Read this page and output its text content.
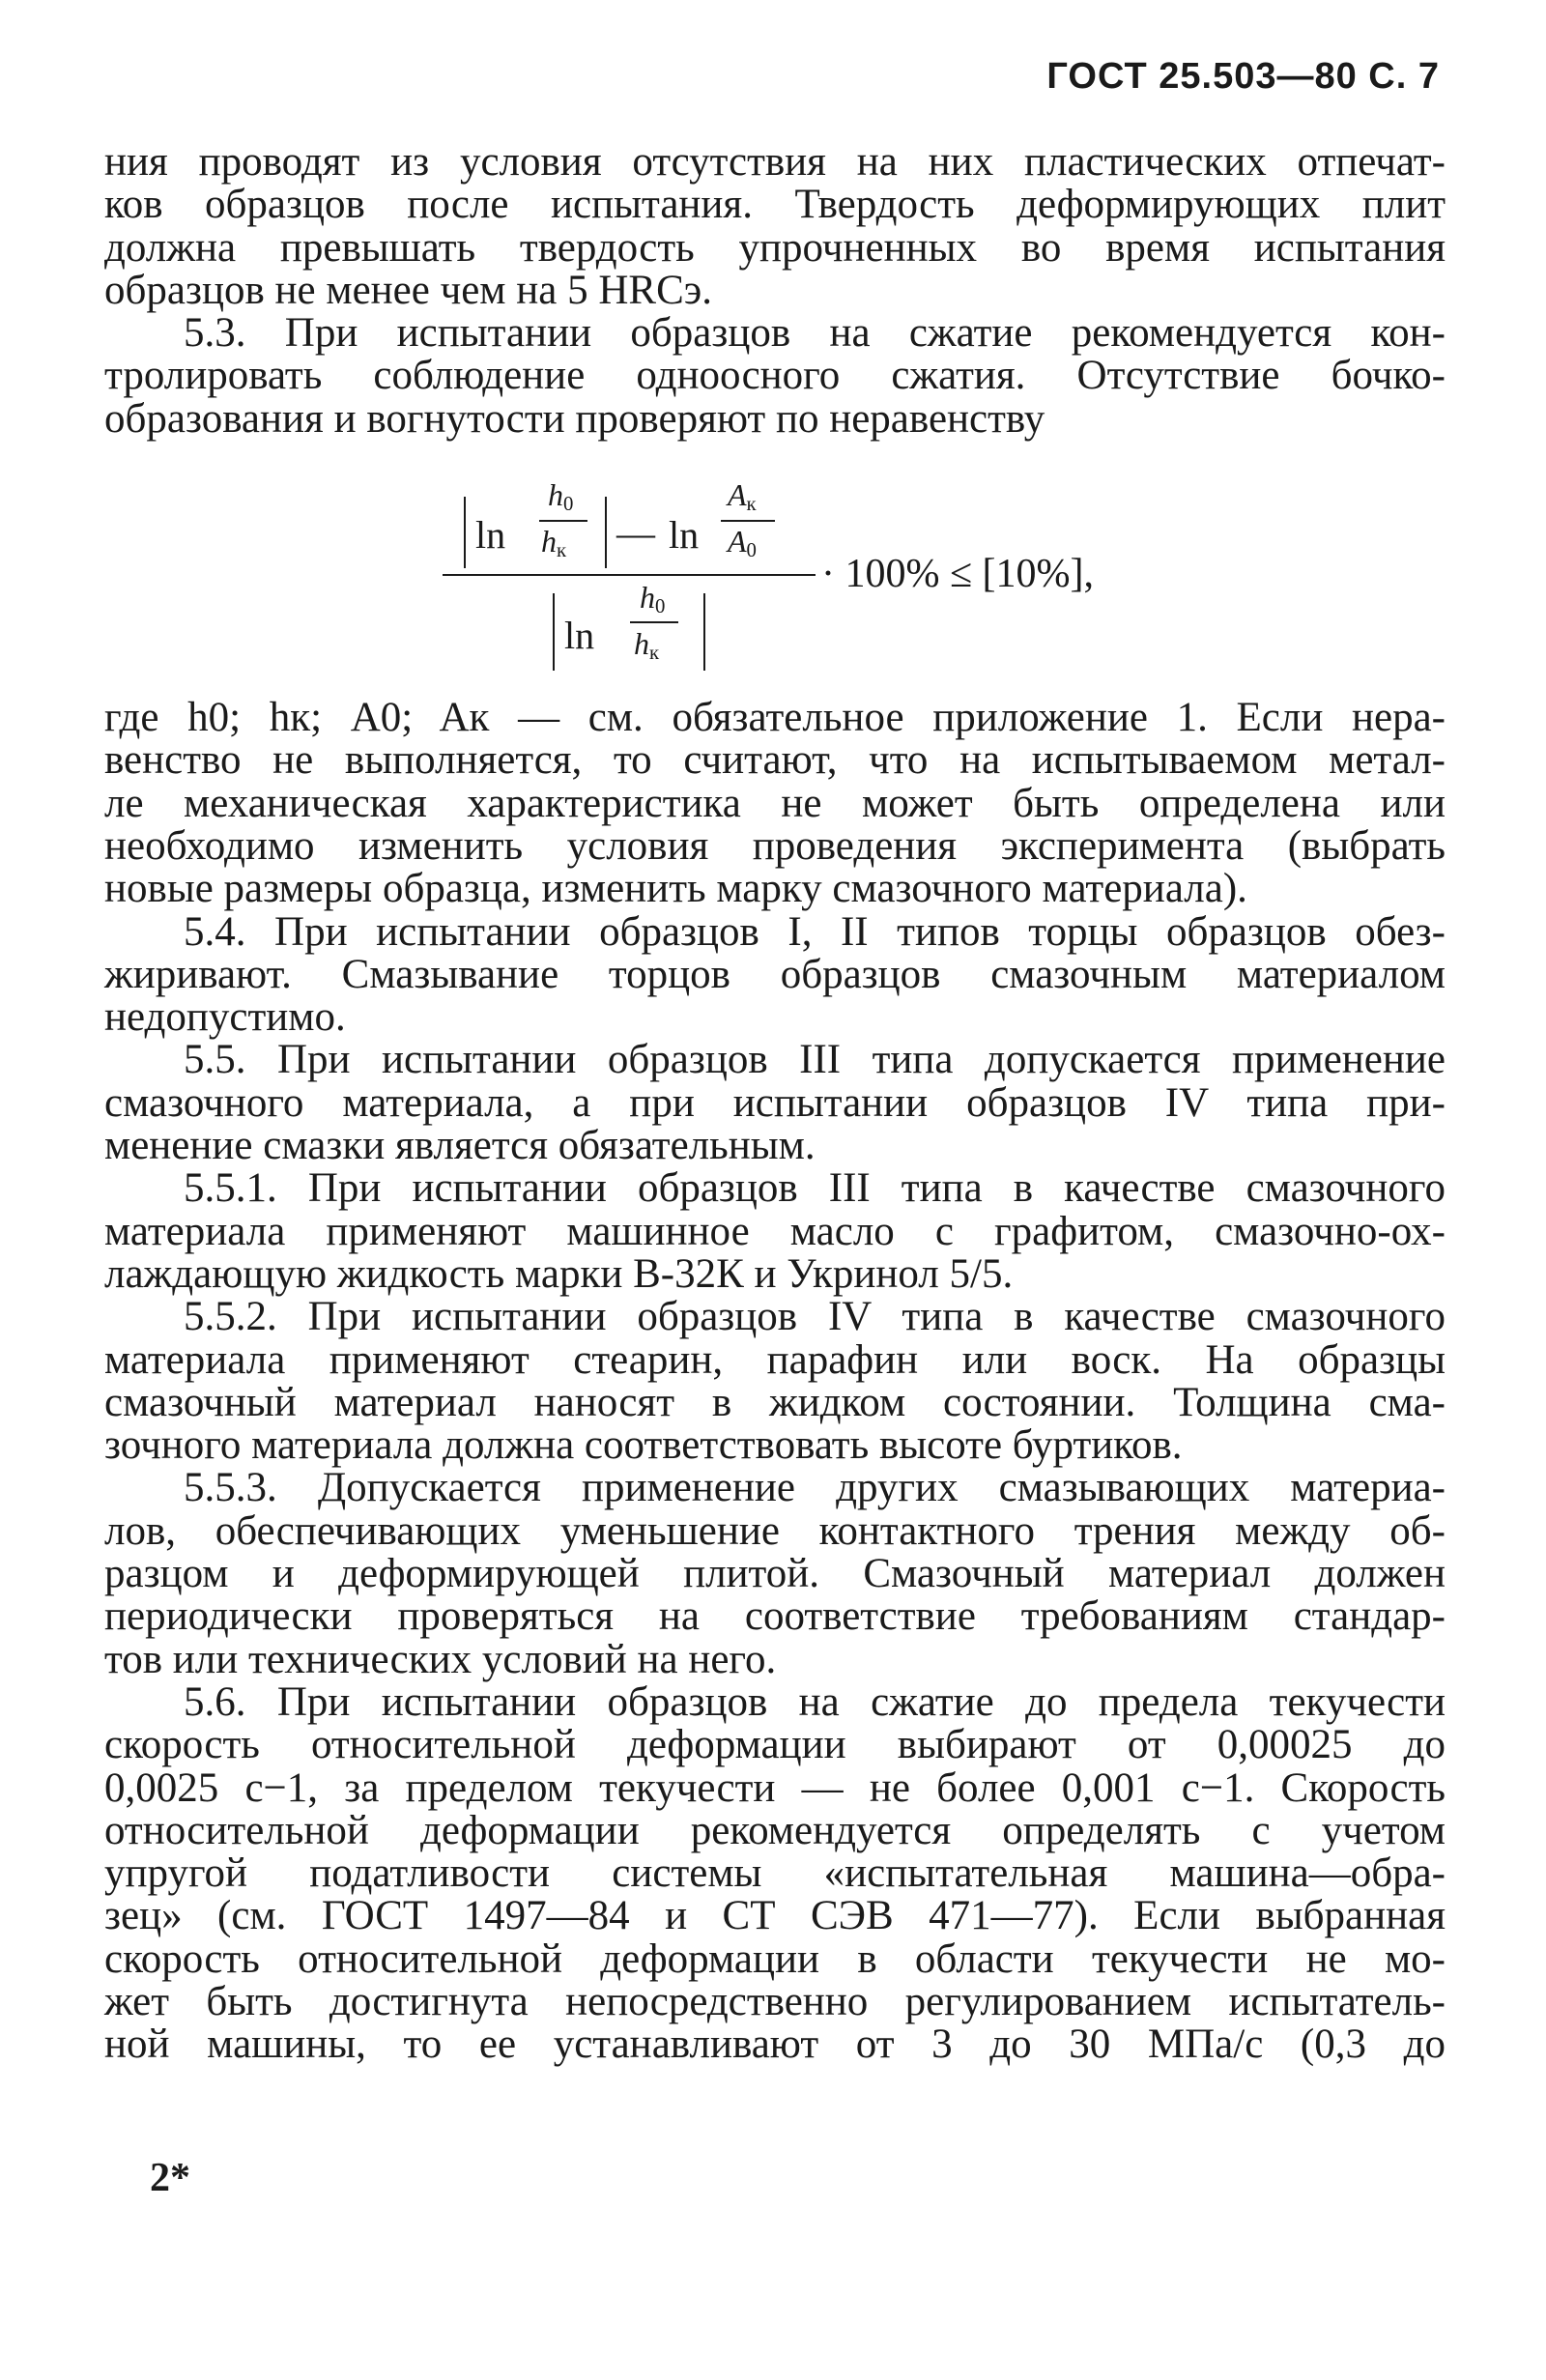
ГОСТ 25.503—80 С. 7
ния проводят из условия отсутствия на них пластических отпечат-
ков образцов после испытания. Твердость деформирующих плит
должна превышать твердость упрочненных во время испытания
образцов не менее чем на 5 HRCэ.
5.3. При испытании образцов на сжатие рекомендуется кон-
тролировать соблюдение одноосного сжатия. Отсутствие бочко-
образования и вогнутости проверяют по неравенству
где h0; hк; A0; Aк — см. обязательное приложение 1. Если нера-
венство не выполняется, то считают, что на испытываемом метал-
ле механическая характеристика не может быть определена или
необходимо изменить условия проведения эксперимента (выбрать
новые размеры образца, изменить марку смазочного материала).
5.4. При испытании образцов I, II типов торцы образцов обез-
жиривают. Смазывание торцов образцов смазочным материалом
недопустимо.
5.5. При испытании образцов III типа допускается применение
смазочного материала, а при испытании образцов IV типа при-
менение смазки является обязательным.
5.5.1. При испытании образцов III типа в качестве смазочного
материала применяют машинное масло с графитом, смазочно-ох-
лаждающую жидкость марки В-32К и Укринол 5/5.
5.5.2. При испытании образцов IV типа в качестве смазочного
материала применяют стеарин, парафин или воск. На образцы
смазочный материал наносят в жидком состоянии. Толщина сма-
зочного материала должна соответствовать высоте буртиков.
5.5.3. Допускается применение других смазывающих материа-
лов, обеспечивающих уменьшение контактного трения между об-
разцом и деформирующей плитой. Смазочный материал должен
периодически проверяться на соответствие требованиям стандар-
тов или технических условий на него.
5.6. При испытании образцов на сжатие до предела текучести
скорость относительной деформации выбирают от 0,00025 до
0,0025 с−1, за пределом текучести — не более 0,001 с−1. Скорость
относительной деформации рекомендуется определять с учетом
упругой податливости системы «испытательная машина—обра-
зец» (см. ГОСТ 1497—84 и СТ СЭВ 471—77). Если выбранная
скорость относительной деформации в области текучести не мо-
жет быть достигнута непосредственно регулированием испытатель-
ной машины, то ее устанавливают от 3 до 30 МПа/с (0,3 до
ln
$h_0$
$h_к$ — ln
$A_к$
$A_0$
ln
$h_0$
$h_к$
· 100% ≤ [10%],
2*
